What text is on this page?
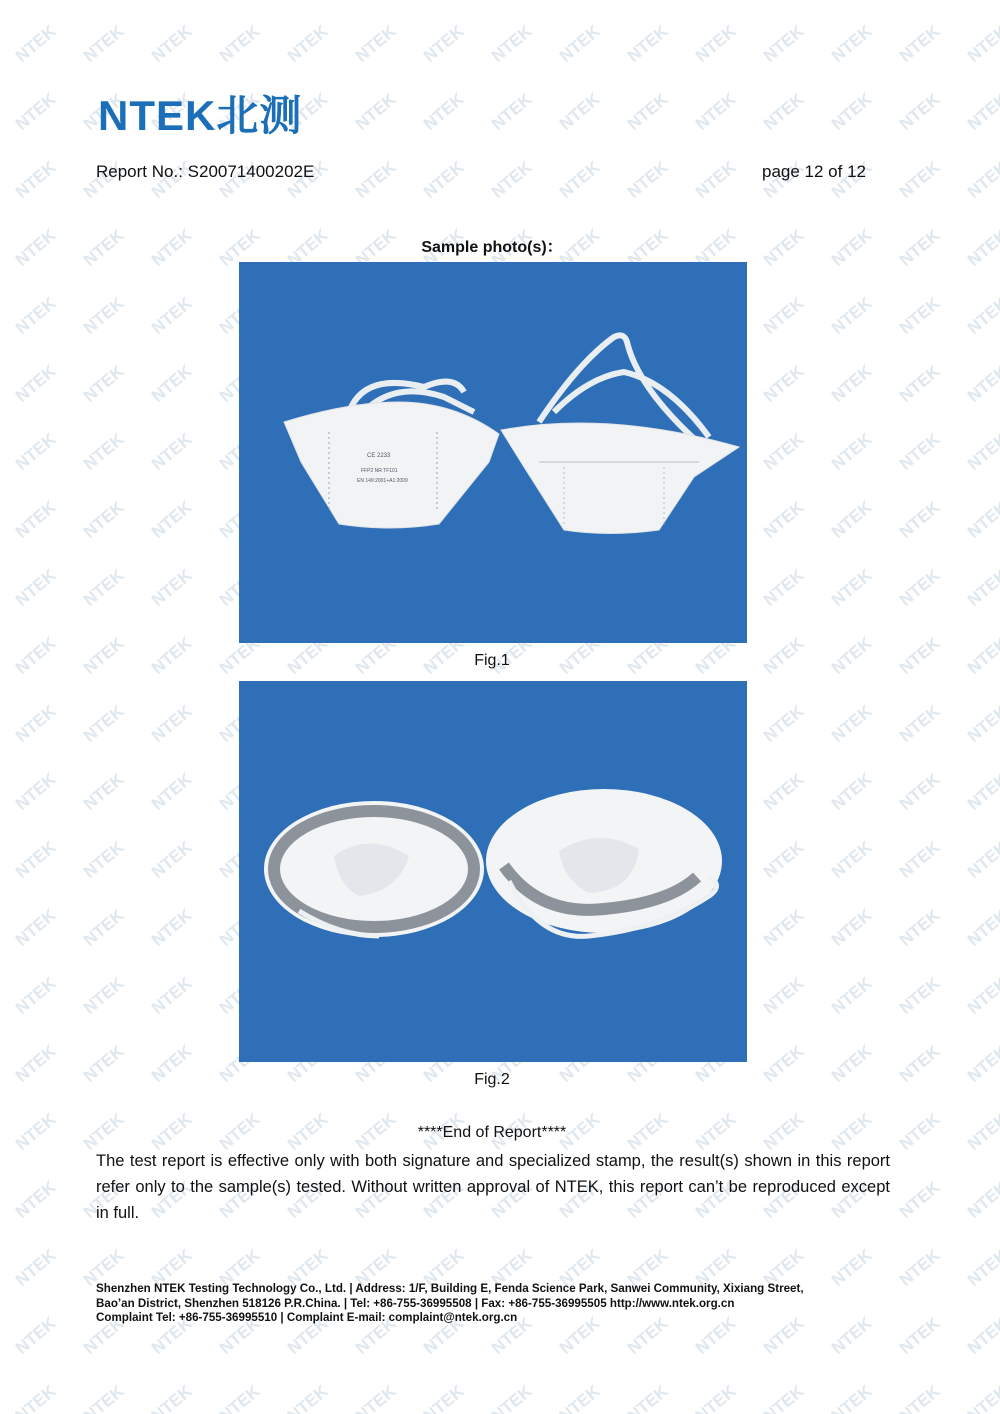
NTEK北测
Report No.: S20071400202E	page 12 of 12
Sample photo(s)：
CE 2233
FFP2 NR TF101
EN 149:2001+A1:2009
Fig.1
Fig.2
****End of Report****
The test report is effective only with both signature and specialized stamp, the result(s) shown in this report refer only to the sample(s) tested. Without written approval of NTEK, this report can’t be reproduced except in full.
Shenzhen NTEK Testing Technology Co., Ltd. | Address: 1/F, Building E, Fenda Science Park, Sanwei Community, Xixiang Street,
Bao’an District, Shenzhen 518126 P.R.China. | Tel: +86-755-36995508 | Fax: +86-755-36995505 http://www.ntek.org.cn
Complaint Tel: +86-755-36995510 | Complaint E-mail: complaint@ntek.org.cn
